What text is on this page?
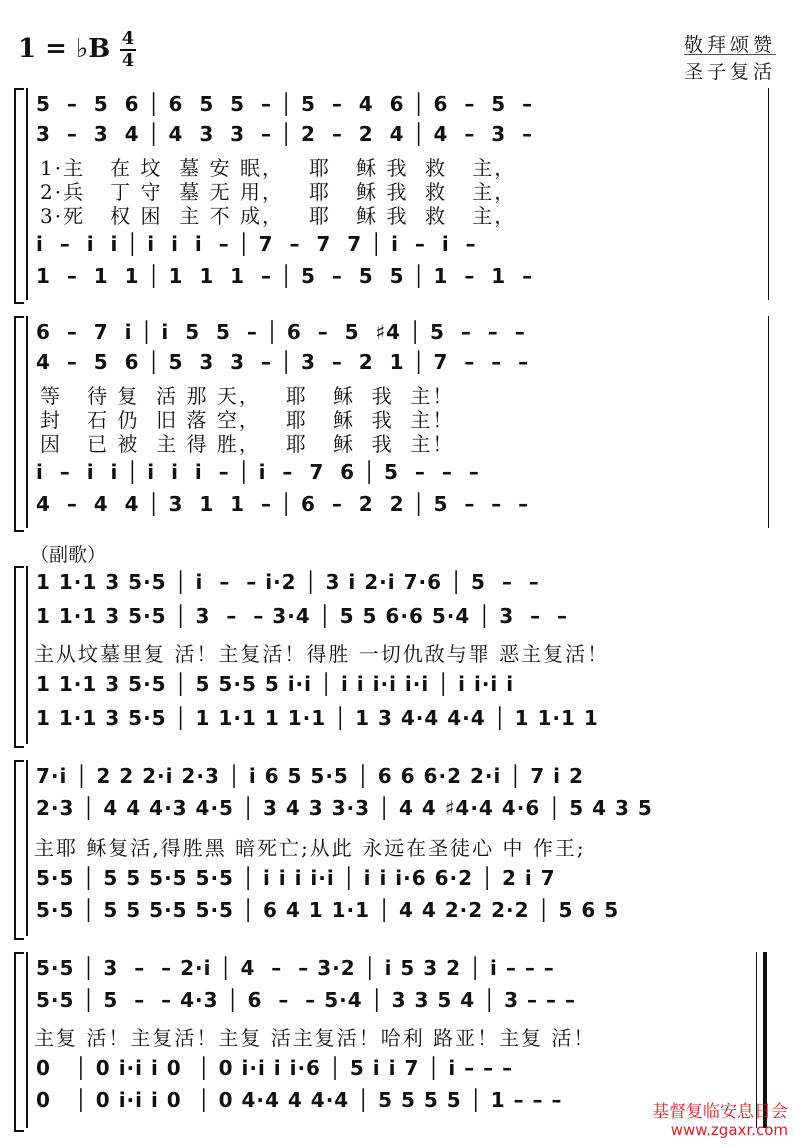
1 = ♭B 4
4
敬拜颂赞
圣子复活
5  –  5  6 │ 6  5  5  – │ 5  –  4  6 │ 6  –  5  –
3  –  3  4 │ 4  3  3  – │ 2  –  2  4 │ 4  –  3  –
1·主   在 坟  墓 安 眠，   耶   稣 我  救   主，
2·兵   丁 守  墓 无 用，   耶   稣 我  救   主，
3·死   权 困  主 不 成，   耶   稣 我  救   主，
i  –  i  i │ i  i  i  – │ 7  –  7  7 │ i  –  i  –
1  –  1  1 │ 1  1  1  – │ 5  –  5  5 │ 1  –  1  –
6  –  7  i │ i  5  5  – │ 6  –  5  ♯4 │ 5  –  –  –
4  –  5  6 │ 5  3  3  – │ 3  –  2  1 │ 7  –  –  –
等   待 复  活 那 天，   耶   稣  我  主！
封   石 仍  旧 落 空，   耶   稣  我  主！
因   已 被  主 得 胜，   耶   稣  我  主！
i  –  i  i │ i  i  i  – │ i  –  7  6 │ 5  –  –  –
4  –  4  4 │ 3  1  1  – │ 6  –  2  2 │ 5  –  –  –
（副歌）
1 1·1 3 5·5 │ i  –  – i·2 │ 3 i 2·i 7·6 │ 5  –  –
1 1·1 3 5·5 │ 3  –  – 3·4 │ 5 5 6·6 5·4 │ 3  –  –
主从坟墓里复 活！主复活！得胜 一切仇敌与罪 恶主复活！
1 1·1 3 5·5 │ 5 5·5 5 i·i │ i i i·i i·i │ i i·i i
1 1·1 3 5·5 │ 1 1·1 1 1·1 │ 1 3 4·4 4·4 │ 1 1·1 1
7·i │ 2 2 2·i 2·3 │ i 6 5 5·5 │ 6 6 6·2 2·i │ 7 i 2
2·3 │ 4 4 4·3 4·5 │ 3 4 3 3·3 │ 4 4 ♯4·4 4·6 │ 5 4 3 5
主耶 稣复活,得胜黑 暗死亡;从此 永远在圣徒心 中 作王;
5·5 │ 5 5 5·5 5·5 │ i i i i·i │ i i i·6 6·2 │ 2 i 7
5·5 │ 5 5 5·5 5·5 │ 6 4 1 1·1 │ 4 4 2·2 2·2 │ 5 6 5
5·5 │ 3  –  – 2·i │ 4  –  – 3·2 │ i 5 3 2 │ i – – –
5·5 │ 5  –  – 4·3 │ 6  –  – 5·4 │ 3 3 5 4 │ 3 – – –
主复 活！主复活！主复 活主复活！哈利 路亚！主复 活！
0   │ 0 i·i i 0  │ 0 i·i i i·6 │ 5 i i 7 │ i – – –
0   │ 0 i·i i 0  │ 0 4·4 4 4·4 │ 5 5 5 5 │ 1 – – –	基督复临安息日会
www.zgaxr.com
